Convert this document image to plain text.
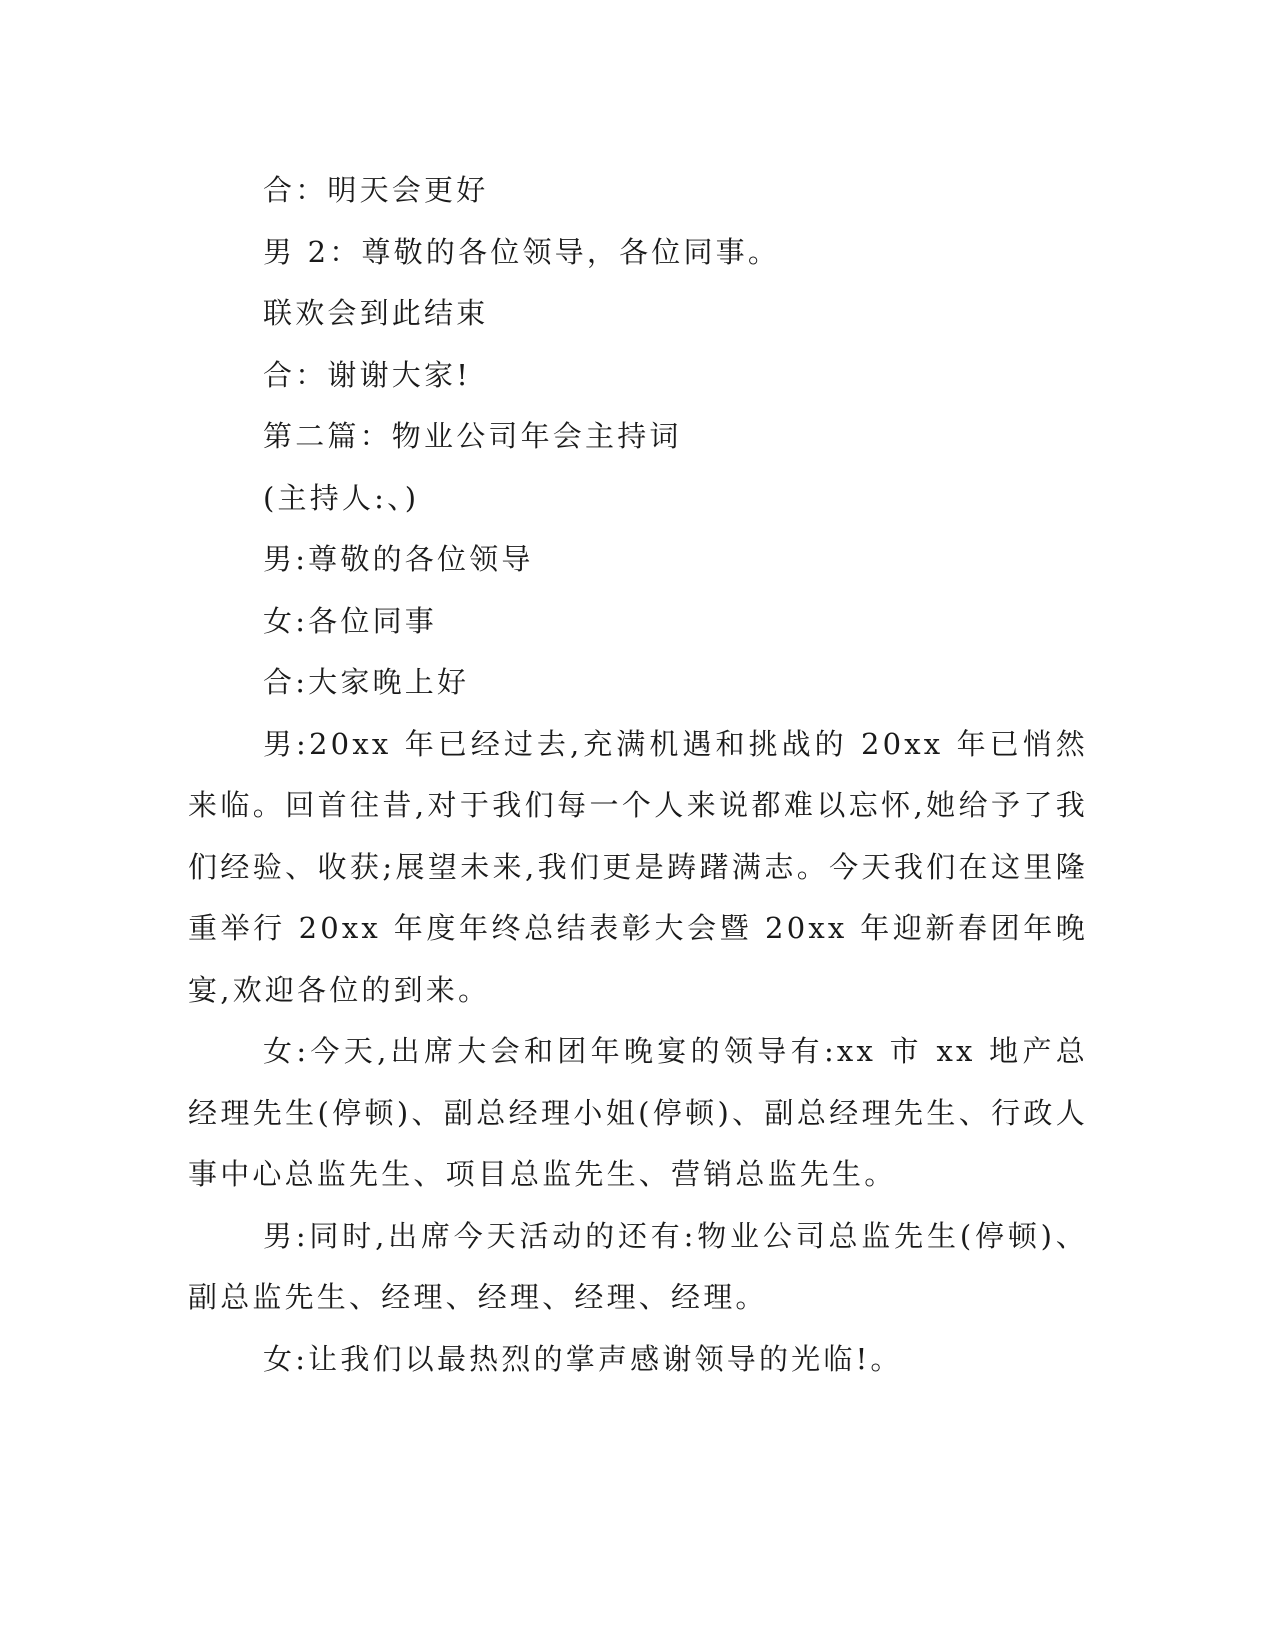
合：明天会更好

男 2：尊敬的各位领导，各位同事。

联欢会到此结束

合：谢谢大家!

第二篇：物业公司年会主持词

(主持人:、)

男:尊敬的各位领导

女:各位同事

合:大家晚上好

男:20xx 年已经过去,充满机遇和挑战的 20xx 年已悄然来临。回首往昔,对于我们每一个人来说都难以忘怀,她给予了我们经验、收获;展望未来,我们更是踌躇满志。今天我们在这里隆重举行 20xx 年度年终总结表彰大会暨 20xx 年迎新春团年晚宴,欢迎各位的到来。

女:今天,出席大会和团年晚宴的领导有:xx 市 xx 地产总经理先生(停顿)、副总经理小姐(停顿)、副总经理先生、行政人事中心总监先生、项目总监先生、营销总监先生。

男:同时,出席今天活动的还有:物业公司总监先生(停顿)、副总监先生、经理、经理、经理、经理。

女:让我们以最热烈的掌声感谢领导的光临!。
